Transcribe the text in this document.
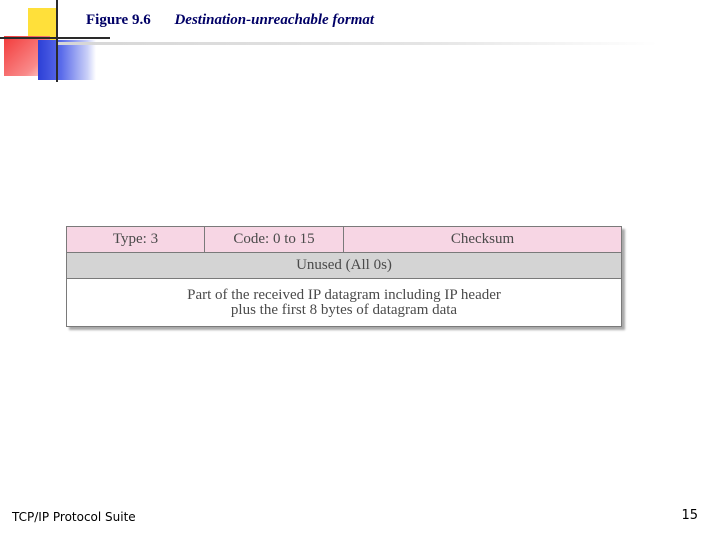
Figure 9.6 Destination-unreachable format
Type: 3	Code: 0 to 15	Checksum
Unused (All 0s)
Part of the received IP datagram including IP header
plus the first 8 bytes of datagram data
TCP/IP Protocol Suite	15
